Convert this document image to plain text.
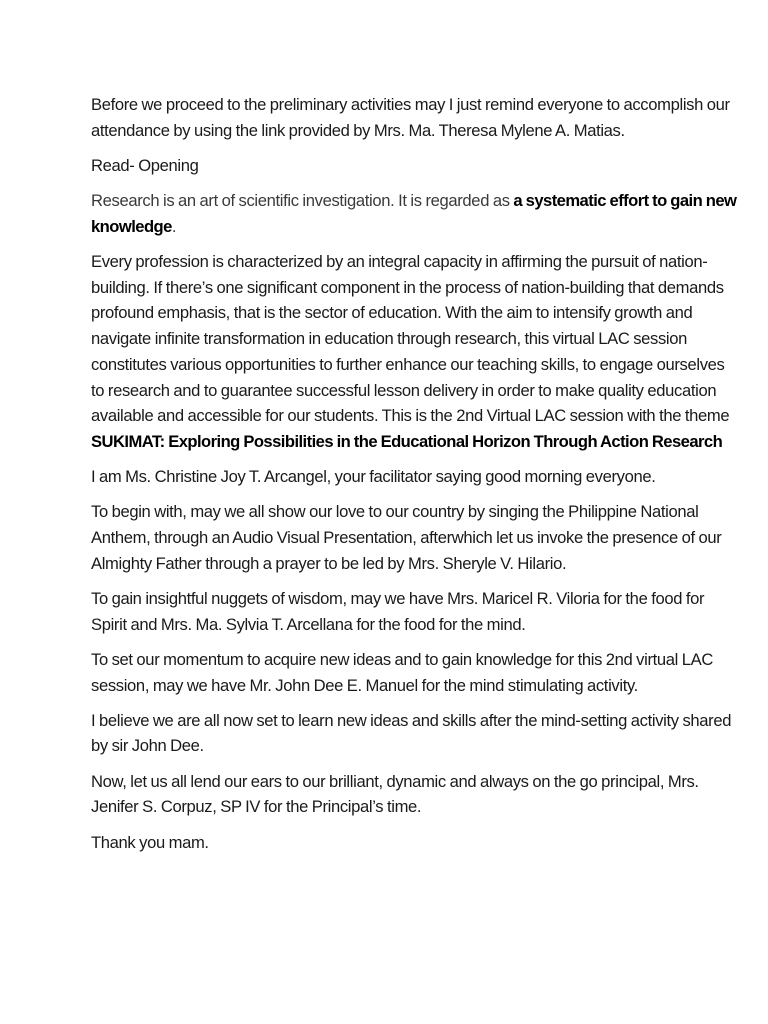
Before we proceed to the preliminary activities may I just remind everyone to accomplish our attendance by using the link provided by Mrs. Ma. Theresa Mylene A. Matias.

Read- Opening

Research is an art of scientific investigation. It is regarded as a systematic effort to gain new knowledge.

Every profession is characterized by an integral capacity in affirming the pursuit of nation-building. If there’s one significant component in the process of nation-building that demands profound emphasis, that is the sector of education. With the aim to intensify growth and navigate infinite transformation in education through research, this virtual LAC session constitutes various opportunities to further enhance our teaching skills, to engage ourselves to research and to guarantee successful lesson delivery in order to make quality education available and accessible for our students. This is the 2nd Virtual LAC session with the theme SUKIMAT: Exploring Possibilities in the Educational Horizon Through Action Research

I am Ms. Christine Joy T. Arcangel, your facilitator saying good morning everyone.

To begin with, may we all show our love to our country by singing the Philippine National Anthem, through an Audio Visual Presentation, afterwhich let us invoke the presence of our Almighty Father through a prayer to be led by Mrs. Sheryle V. Hilario.

To gain insightful nuggets of wisdom, may we have Mrs. Maricel R. Viloria for the food for Spirit and Mrs. Ma. Sylvia T. Arcellana for the food for the mind.

To set our momentum to acquire new ideas and to gain knowledge for this 2nd virtual LAC session, may we have Mr. John Dee E. Manuel for the mind stimulating activity.

I believe we are all now set to learn new ideas and skills after the mind-setting activity shared by sir John Dee.

Now, let us all lend our ears to our brilliant, dynamic and always on the go principal, Mrs. Jenifer S. Corpuz, SP IV for the Principal’s time.

Thank you mam.
